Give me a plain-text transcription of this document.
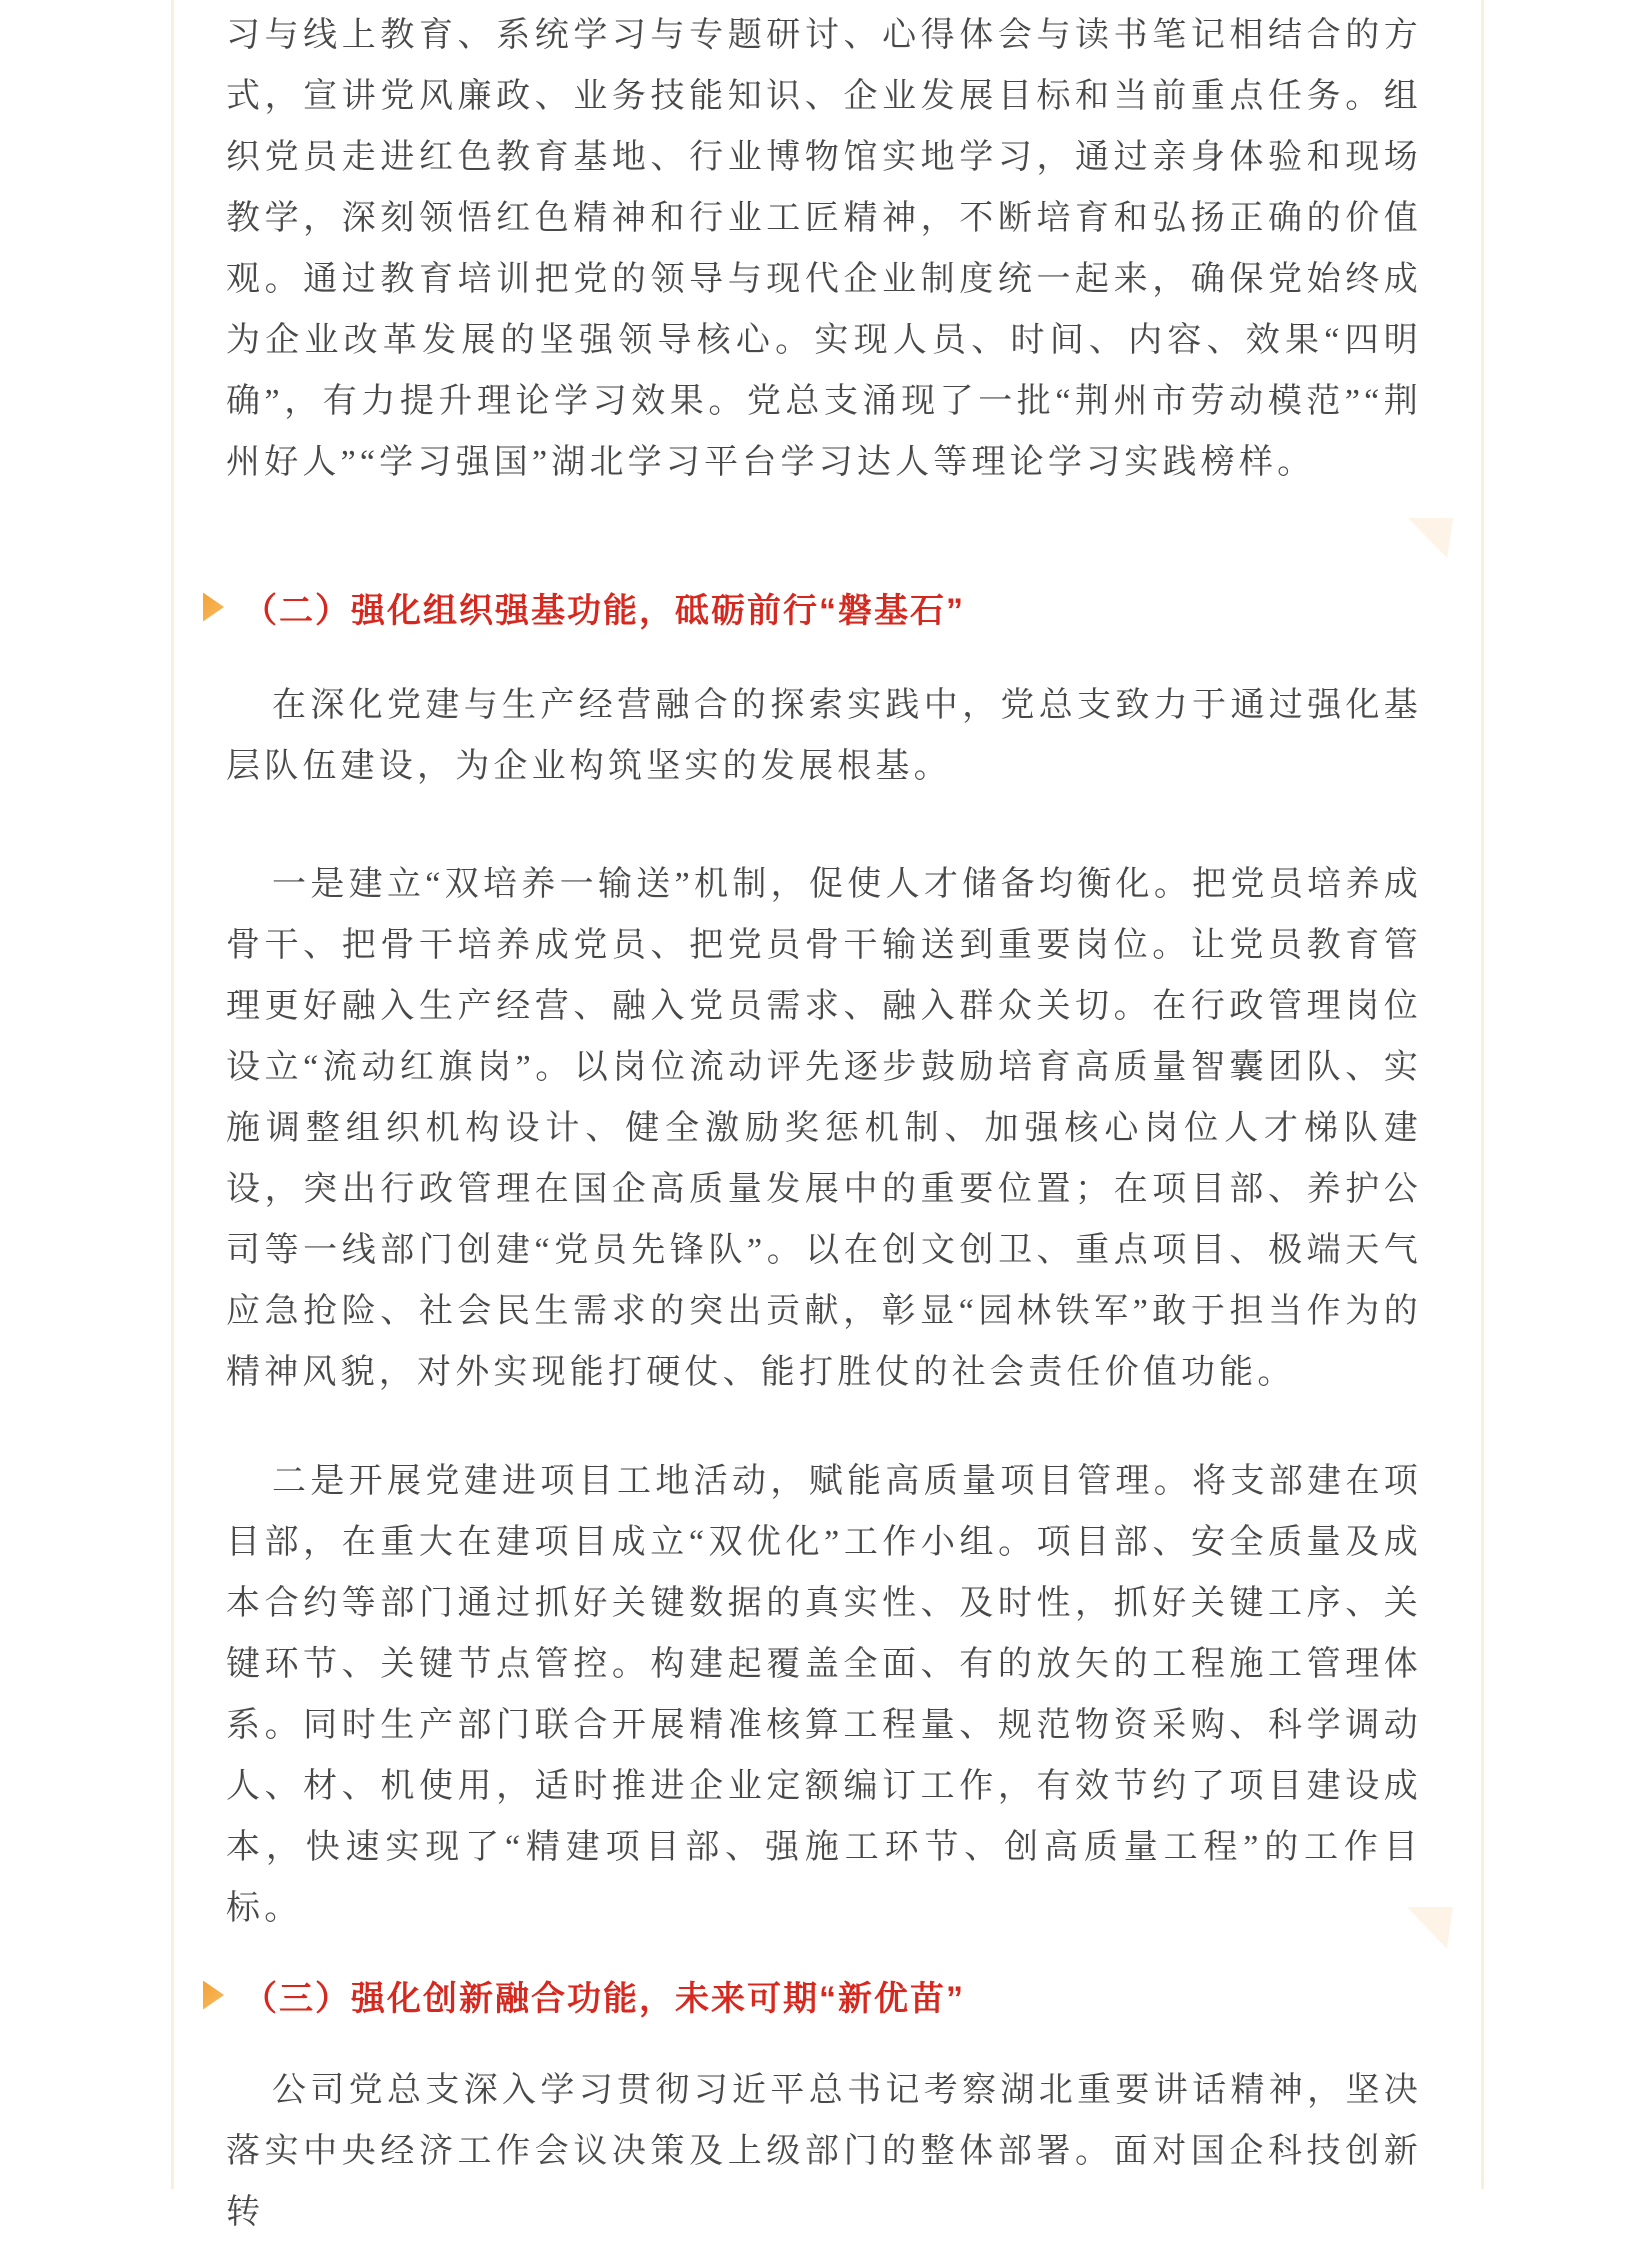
习与线上教育、系统学习与专题研讨、心得体会与读书笔记相结合的方式，宣讲党风廉政、业务技能知识、企业发展目标和当前重点任务。组织党员走进红色教育基地、行业博物馆实地学习，通过亲身体验和现场教学，深刻领悟红色精神和行业工匠精神，不断培育和弘扬正确的价值观。通过教育培训把党的领导与现代企业制度统一起来，确保党始终成为企业改革发展的坚强领导核心。实现人员、时间、内容、效果“四明确”，有力提升理论学习效果。党总支涌现了一批“荆州市劳动模范”“荆州好人”“学习强国”湖北学习平台学习达人等理论学习实践榜样。

（二）强化组织强基功能，砥砺前行“磐基石”

在深化党建与生产经营融合的探索实践中，党总支致力于通过强化基层队伍建设，为企业构筑坚实的发展根基。

一是建立“双培养一输送”机制，促使人才储备均衡化。把党员培养成骨干、把骨干培养成党员、把党员骨干输送到重要岗位。让党员教育管理更好融入生产经营、融入党员需求、融入群众关切。在行政管理岗位设立“流动红旗岗”。以岗位流动评先逐步鼓励培育高质量智囊团队、实施调整组织机构设计、健全激励奖惩机制、加强核心岗位人才梯队建设，突出行政管理在国企高质量发展中的重要位置；在项目部、养护公司等一线部门创建“党员先锋队”。以在创文创卫、重点项目、极端天气应急抢险、社会民生需求的突出贡献，彰显“园林铁军”敢于担当作为的精神风貌，对外实现能打硬仗、能打胜仗的社会责任价值功能。

二是开展党建进项目工地活动，赋能高质量项目管理。将支部建在项目部，在重大在建项目成立“双优化”工作小组。项目部、安全质量及成本合约等部门通过抓好关键数据的真实性、及时性，抓好关键工序、关键环节、关键节点管控。构建起覆盖全面、有的放矢的工程施工管理体系。同时生产部门联合开展精准核算工程量、规范物资采购、科学调动人、材、机使用，适时推进企业定额编订工作，有效节约了项目建设成本，快速实现了“精建项目部、强施工环节、创高质量工程”的工作目标。

（三）强化创新融合功能，未来可期“新优苗”

公司党总支深入学习贯彻习近平总书记考察湖北重要讲话精神，坚决落实中央经济工作会议决策及上级部门的整体部署。面对国企科技创新转
